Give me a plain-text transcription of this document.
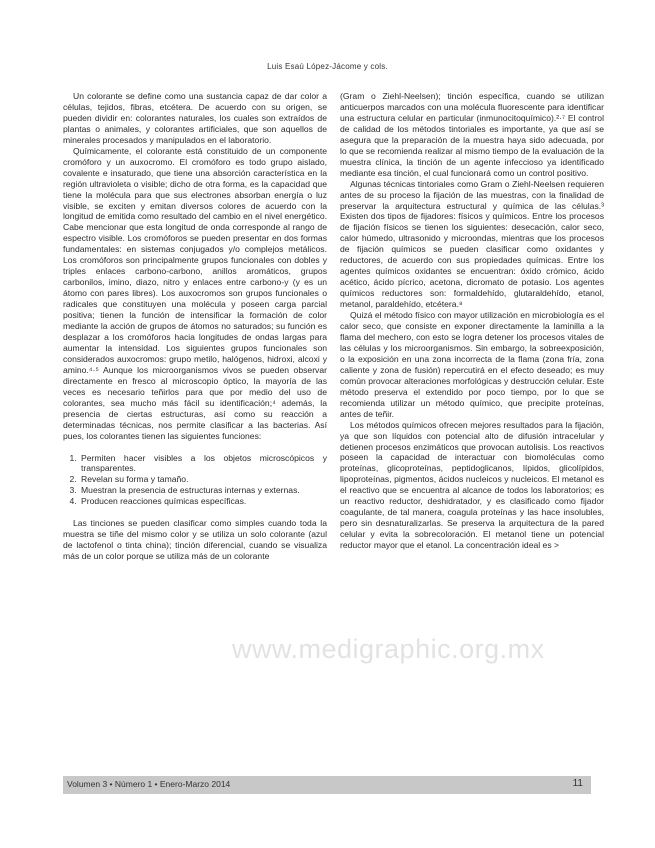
Luis Esaú López-Jácome y cols.

Un colorante se define como una sustancia capaz de dar color a células, tejidos, fibras, etcétera. De acuerdo con su origen, se pueden dividir en: colorantes naturales, los cuales son extraídos de plantas o animales, y colorantes artificiales, que son aquellos de minerales procesados y manipulados en el laboratorio.

Químicamente, el colorante está constituido de un componente cromóforo y un auxocromo. El cromóforo es todo grupo aislado, covalente e insaturado, que tiene una absorción característica en la región ultravioleta o visible; dicho de otra forma, es la capacidad que tiene la molécula para que sus electrones absorban energía o luz visible, se exciten y emitan diversos colores de acuerdo con la longitud de emitida como resultado del cambio en el nivel energético. Cabe mencionar que esta longitud de onda corresponde al rango de espectro visible. Los cromóforos se pueden presentar en dos formas fundamentales: en sistemas conjugados y/o complejos metálicos. Los cromóforos son principalmente grupos funcionales con dobles y triples enlaces carbono-carbono, anillos aromáticos, grupos carbonilos, imino, diazo, nitro y enlaces entre carbono-y (y es un átomo con pares libres). Los auxocromos son grupos funcionales o radicales que constituyen una molécula y poseen carga parcial positiva; tienen la función de intensificar la formación de color mediante la acción de grupos de átomos no saturados; su función es desplazar a los cromóforos hacia longitudes de ondas largas para aumentar la intensidad. Los siguientes grupos funcionales son considerados auxocromos: grupo metilo, halógenos, hidroxi, alcoxi y amino.⁴·⁵ Aunque los microorganismos vivos se pueden observar directamente en fresco al microscopio óptico, la mayoría de las veces es necesario teñirlos para que por medio del uso de colorantes, sea mucho más fácil su identificación;⁴ además, la presencia de ciertas estructuras, así como su reacción a determinadas técnicas, nos permite clasificar a las bacterias. Así pues, los colorantes tienen las siguientes funciones:

1. Permiten hacer visibles a los objetos microscópicos y transparentes.
2. Revelan su forma y tamaño.
3. Muestran la presencia de estructuras internas y externas.
4. Producen reacciones químicas específicas.

Las tinciones se pueden clasificar como simples cuando toda la muestra se tiñe del mismo color y se utiliza un solo colorante (azul de lactofenol o tinta china); tinción diferencial, cuando se visualiza más de un color porque se utiliza más de un colorante

(Gram o Ziehl-Neelsen); tinción específica, cuando se utilizan anticuerpos marcados con una molécula fluorescente para identificar una estructura celular en particular (inmunocitoquímico).²·⁷ El control de calidad de los métodos tintoriales es importante, ya que así se asegura que la preparación de la muestra haya sido adecuada, por lo que se recomienda realizar al mismo tiempo de la evaluación de la muestra clínica, la tinción de un agente infeccioso ya identificado mediante esa tinción, el cual funcionará como un control positivo.

Algunas técnicas tintoriales como Gram o Ziehl-Neelsen requieren antes de su proceso la fijación de las muestras, con la finalidad de preservar la arquitectura estructural y química de las células.³ Existen dos tipos de fijadores: físicos y químicos. Entre los procesos de fijación físicos se tienen los siguientes: desecación, calor seco, calor húmedo, ultrasonido y microondas, mientras que los procesos de fijación químicos se pueden clasificar como oxidantes y reductores, de acuerdo con sus propiedades químicas. Entre los agentes químicos oxidantes se encuentran: óxido crómico, ácido acético, ácido pícrico, acetona, dicromato de potasio. Los agentes químicos reductores son: formaldehído, glutaraldehído, etanol, metanol, paraldehído, etcétera.⁸

Quizá el método físico con mayor utilización en microbiología es el calor seco, que consiste en exponer directamente la laminilla a la flama del mechero, con esto se logra detener los procesos vitales de las células y los microorganismos. Sin embargo, la sobreexposición, o la exposición en una zona incorrecta de la flama (zona fría, zona caliente y zona de fusión) repercutirá en el efecto deseado; es muy común provocar alteraciones morfológicas y destrucción celular. Este método preserva el extendido por poco tiempo, por lo que se recomienda utilizar un método químico, que precipite proteínas, antes de teñir.

Los métodos químicos ofrecen mejores resultados para la fijación, ya que son líquidos con potencial alto de difusión intracelular y detienen procesos enzimáticos que provocan autolisis. Los reactivos poseen la capacidad de interactuar con biomoléculas como proteínas, glicoproteínas, peptidoglicanos, lípidos, glicolípidos, lipoproteínas, pigmentos, ácidos nucleicos y nucleicos. El metanol es el reactivo que se encuentra al alcance de todos los laboratorios; es un reactivo reductor, deshidratador, y es clasificado como fijador coagulante, de tal manera, coagula proteínas y las hace insolubles, pero sin desnaturalizarlas. Se preserva la arquitectura de la pared celular y evita la sobrecoloración. El metanol tiene un potencial reductor mayor que el etanol. La concentración ideal es >

www.medigraphic.org.mx
Volumen 3 • Número 1 • Enero-Marzo 2014	11
